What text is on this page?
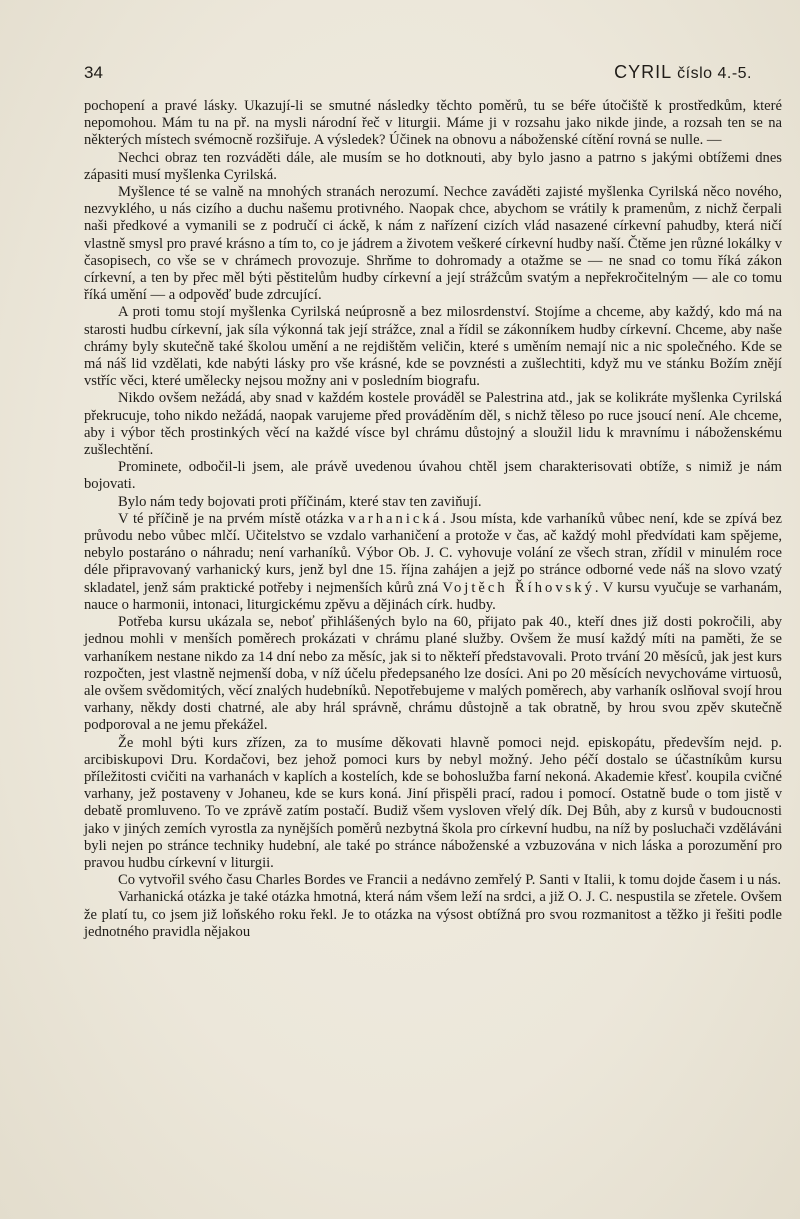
34	CYRIL číslo 4.-5.

pochopení a pravé lásky. Ukazují-li se smutné následky těchto poměrů, tu se béře útočiště k prostředkům, které nepomohou. Mám tu na př. na mysli národní řeč v liturgii. Máme ji v rozsahu jako nikde jinde, a rozsah ten se na některých místech svémocně rozšiřuje. A výsledek? Účinek na obnovu a náboženské cítění rovná se nulle. —

Nechci obraz ten rozváděti dále, ale musím se ho dotknouti, aby bylo jasno a patrno s jakými obtížemi dnes zápasiti musí myšlenka Cyrilská.

Myšlence té se valně na mnohých stranách nerozumí. Nechce zaváděti zajisté myšlenka Cyrilská něco nového, nezvyklého, u nás cizího a duchu našemu protivného. Naopak chce, abychom se vrátily k pramenům, z nichž čerpali naši předkové a vymanili se z područí ci áckě, k nám z nařízení cizích vlád nasazené církevní pahudby, která ničí vlastně smysl pro pravé krásno a tím to, co je jádrem a životem veškeré církevní hudby naší. Čtěme jen různé lokálky v časopisech, co vše se v chrámech provozuje. Shrňme to dohromady a otažme se — ne snad co tomu říká zákon církevní, a ten by přec měl býti pěstitelům hudby církevní a její strážcům svatým a nepřekročitelným — ale co tomu říká umění — a odpověď bude zdrcující.

A proti tomu stojí myšlenka Cyrilská neúprosně a bez milosrdenství. Stojíme a chceme, aby každý, kdo má na starosti hudbu církevní, jak síla výkonná tak její strážce, znal a řídil se zákonníkem hudby církevní. Chceme, aby naše chrámy byly skutečně také školou umění a ne rejdištěm veličin, které s uměním nemají nic a nic společného. Kde se má náš lid vzdělati, kde nabýti lásky pro vše krásné, kde se povznésti a zušlechtiti, když mu ve stánku Božím znějí vstříc věci, které umělecky nejsou možny ani v posledním biografu.

Nikdo ovšem nežádá, aby snad v každém kostele prováděl se Palestrina atd., jak se kolikráte myšlenka Cyrilská překrucuje, toho nikdo nežádá, naopak varujeme před prováděním děl, s nichž těleso po ruce jsoucí není. Ale chceme, aby i výbor těch prostinkých věcí na každé vísce byl chrámu důstojný a sloužil lidu k mravnímu i náboženskému zušlechtění.

Prominete, odbočil-li jsem, ale právě uvedenou úvahou chtěl jsem charakterisovati obtíže, s nimiž je nám bojovati.

Bylo nám tedy bojovati proti příčinám, které stav ten zaviňují.

V té příčině je na prvém místě otázka varhanická. Jsou místa, kde varhaníků vůbec není, kde se zpívá bez průvodu nebo vůbec mlčí. Učitelstvo se vzdalo varhaničení a protože v čas, ač každý mohl předvídati kam spějeme, nebylo postaráno o náhradu; není varhaníků. Výbor Ob. J. C. vyhovuje volání ze všech stran, zřídil v minulém roce déle připravovaný varhanický kurs, jenž byl dne 15. října zahájen a jejž po stránce odborné vede náš na slovo vzatý skladatel, jenž sám praktické potřeby i nejmenších kůrů zná Vojtěch Říhovský. V kursu vyučuje se varhanám, nauce o harmonii, intonaci, liturgickému zpěvu a dějinách círk. hudby.

Potřeba kursu ukázala se, neboť přihlášených bylo na 60, přijato pak 40., kteří dnes již dosti pokročili, aby jednou mohli v menších poměrech prokázati v chrámu plané služby. Ovšem že musí každý míti na paměti, že se varhaníkem nestane nikdo za 14 dní nebo za měsíc, jak si to někteří představovali. Proto trvání 20 měsíců, jak jest kurs rozpočten, jest vlastně nejmenší doba, v níž účelu předepsaného lze dosíci. Ani po 20 měsících nevychováme virtuosů, ale ovšem svědomitých, věcí znalých hudebníků. Nepotřebujeme v malých poměrech, aby varhaník oslňoval svojí hrou varhany, někdy dosti chatrné, ale aby hrál správně, chrámu důstojně a tak obratně, by hrou svou zpěv skutečně podporoval a ne jemu překážel.

Že mohl býti kurs zřízen, za to musíme děkovati hlavně pomoci nejd. episkopátu, především nejd. p. arcibiskupovi Dru. Kordačovi, bez jehož pomoci kurs by nebyl možný. Jeho péčí dostalo se účastníkům kursu příležitosti cvičiti na varhanách v kaplích a kostelích, kde se bohoslužba farní nekoná. Akademie křesť. koupila cvičné varhany, jež postaveny v Johaneu, kde se kurs koná. Jiní přispěli prací, radou i pomocí. Ostatně bude o tom jistě v debatě promluveno. To ve zprávě zatím postačí. Budiž všem vysloven vřelý dík. Dej Bůh, aby z kursů v budoucnosti jako v jiných zemích vyrostla za nynějších poměrů nezbytná škola pro církevní hudbu, na níž by posluchači vzděláváni byli nejen po stránce techniky hudební, ale také po stránce náboženské a vzbuzována v nich láska a porozumění pro pravou hudbu církevní v liturgii.

Co vytvořil svého času Charles Bordes ve Francii a nedávno zemřelý P. Santi v Italii, k tomu dojde časem i u nás.

Varhanická otázka je také otázka hmotná, která nám všem leží na srdci, a již O. J. C. nespustila se zřetele. Ovšem že platí tu, co jsem již loňského roku řekl. Je to otázka na výsost obtížná pro svou rozmanitost a těžko ji řešiti podle jednotného pravidla nějakou
